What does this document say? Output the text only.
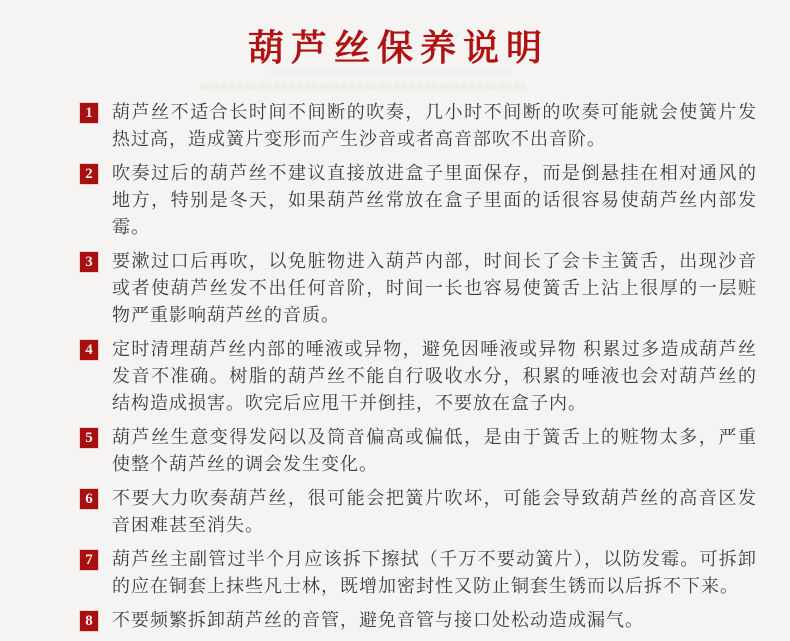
葫芦丝保养说明
1 葫芦丝不适合长时间不间断的吹奏，几小时不间断的吹奏可能就会使簧片发热过高，造成簧片变形而产生沙音或者高音部吹不出音阶。
2 吹奏过后的葫芦丝不建议直接放进盒子里面保存，而是倒悬挂在相对通风的地方，特别是冬天，如果葫芦丝常放在盒子里面的话很容易使葫芦丝内部发霉。
3 要漱过口后再吹，以免脏物进入葫芦内部，时间长了会卡主簧舌，出现沙音或者使葫芦丝发不出任何音阶，时间一长也容易使簧舌上沾上很厚的一层赃物严重影响葫芦丝的音质。
4 定时清理葫芦丝内部的唾液或异物，避免因唾液或异物 积累过多造成葫芦丝发音不准确。树脂的葫芦丝不能自行吸收水分，积累的唾液也会对葫芦丝的结构造成损害。吹完后应甩干并倒挂，不要放在盒子内。
5 葫芦丝生意变得发闷以及筒音偏高或偏低，是由于簧舌上的赃物太多，严重使整个葫芦丝的调会发生变化。
6 不要大力吹奏葫芦丝，很可能会把簧片吹坏，可能会导致葫芦丝的高音区发音困难甚至消失。
7 葫芦丝主副管过半个月应该拆下擦拭（千万不要动簧片），以防发霉。可拆卸的应在铜套上抹些凡士林，既增加密封性又防止铜套生锈而以后拆不下来。
8 不要频繁拆卸葫芦丝的音管，避免音管与接口处松动造成漏气。
